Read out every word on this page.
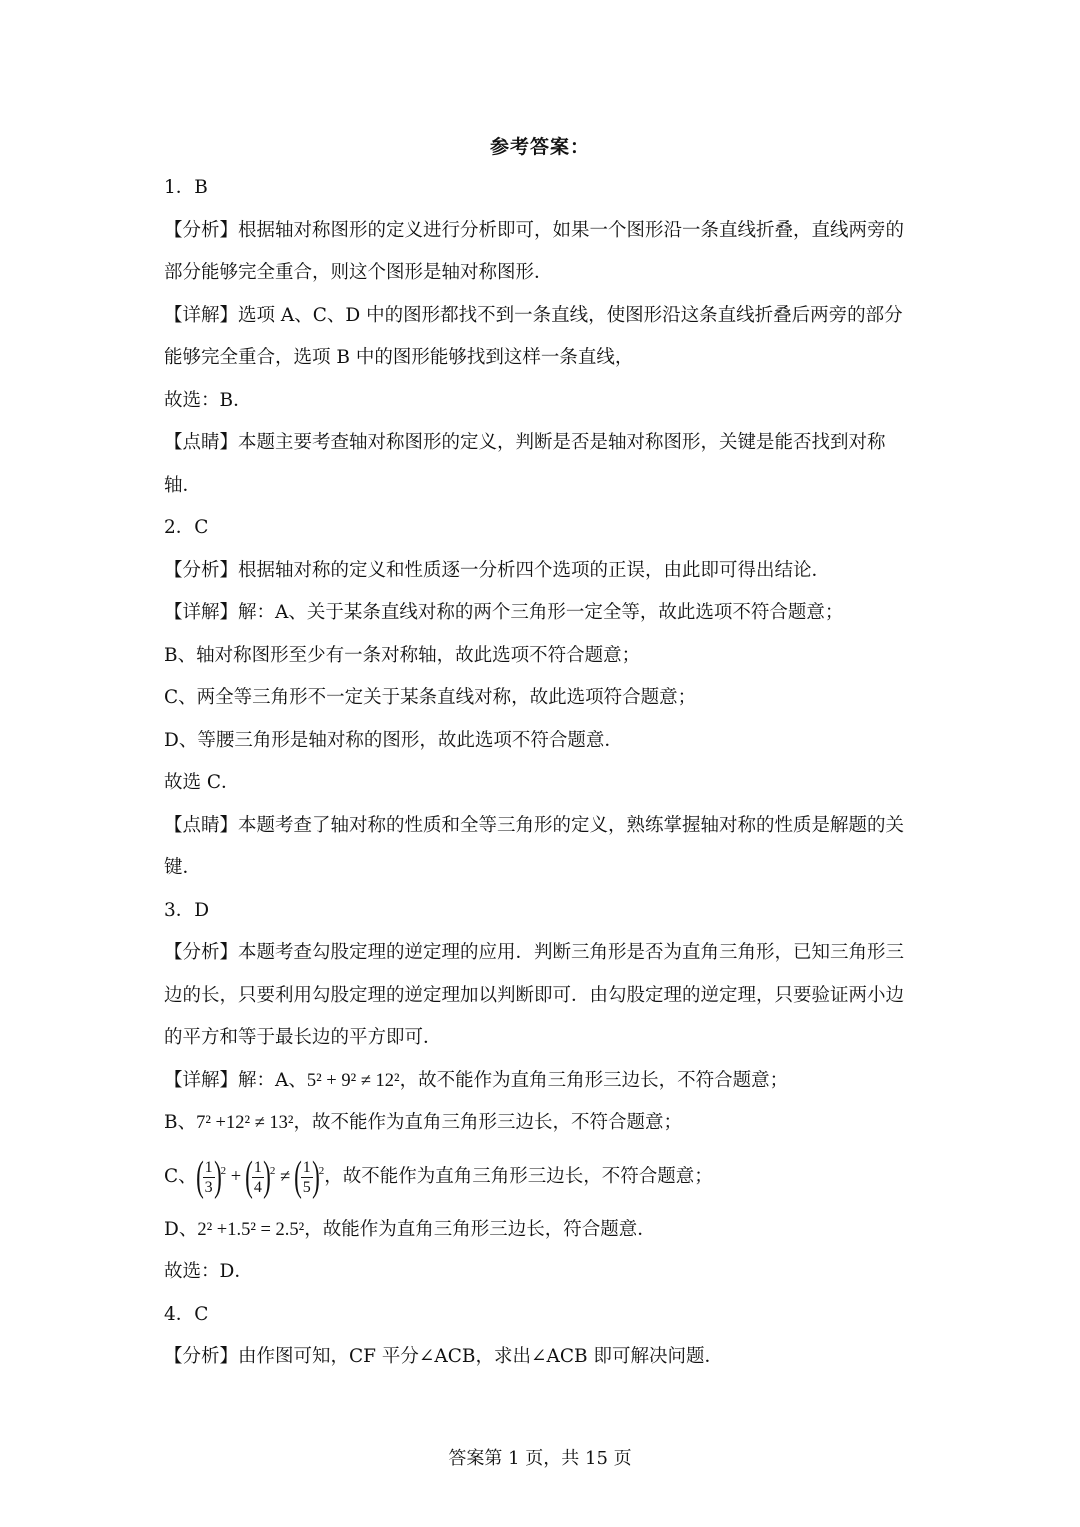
参考答案：
1．B
【分析】根据轴对称图形的定义进行分析即可，如果一个图形沿一条直线折叠，直线两旁的
部分能够完全重合，则这个图形是轴对称图形．
【详解】选项 A、C、D 中的图形都找不到一条直线，使图形沿这条直线折叠后两旁的部分
能够完全重合，选项 B 中的图形能够找到这样一条直线，
故选：B．
【点睛】本题主要考查轴对称图形的定义，判断是否是轴对称图形，关键是能否找到对称
轴．
2．C
【分析】根据轴对称的定义和性质逐一分析四个选项的正误，由此即可得出结论．
【详解】解：A、关于某条直线对称的两个三角形一定全等，故此选项不符合题意；
B、轴对称图形至少有一条对称轴，故此选项不符合题意；
C、两全等三角形不一定关于某条直线对称，故此选项符合题意；
D、等腰三角形是轴对称的图形，故此选项不符合题意．
故选 C．
【点睛】本题考查了轴对称的性质和全等三角形的定义，熟练掌握轴对称的性质是解题的关
键．
3．D
【分析】本题考查勾股定理的逆定理的应用．判断三角形是否为直角三角形，已知三角形三
边的长，只要利用勾股定理的逆定理加以判断即可．由勾股定理的逆定理，只要验证两小边
的平方和等于最长边的平方即可．
【详解】解：A、5² + 9² ≠ 12²，故不能作为直角三角形三边长，不符合题意；
B、7² +12² ≠ 13²，故不能作为直角三角形三边长，不符合题意；
C、( $\frac{1}{3} )^2$ + ( $\frac{1}{4} )^2$ ≠ ( $\frac{1}{5} )^2$，故不能作为直角三角形三边长，不符合题意；
D、2² +1.5² = 2.5²，故能作为直角三角形三边长，符合题意．
故选：D．
4．C
【分析】由作图可知，CF 平分∠ACB，求出∠ACB 即可解决问题．
答案第 1 页，共 15 页
